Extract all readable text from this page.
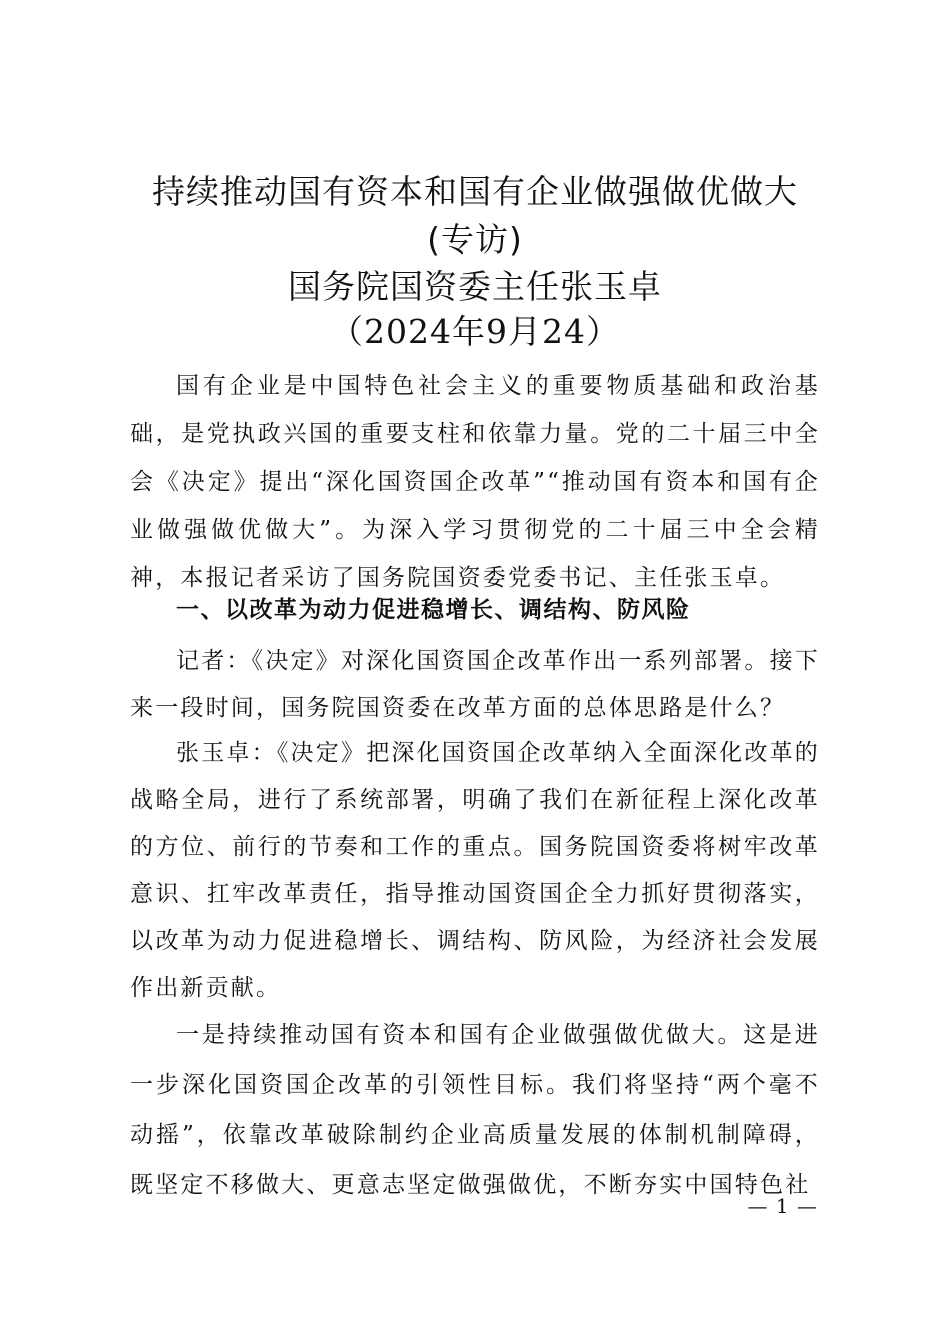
持续推动国有资本和国有企业做强做优做大
(专访)
国务院国资委主任张玉卓
（2024年9月24）

国有企业是中国特色社会主义的重要物质基础和政治基础，是党执政兴国的重要支柱和依靠力量。党的二十届三中全会《决定》提出“深化国资国企改革”“推动国有资本和国有企业做强做优做大”。为深入学习贯彻党的二十届三中全会精神，本报记者采访了国务院国资委党委书记、主任张玉卓。

一、以改革为动力促进稳增长、调结构、防风险

记者：《决定》对深化国资国企改革作出一系列部署。接下来一段时间，国务院国资委在改革方面的总体思路是什么？

张玉卓：《决定》把深化国资国企改革纳入全面深化改革的战略全局，进行了系统部署，明确了我们在新征程上深化改革的方位、前行的节奏和工作的重点。国务院国资委将树牢改革意识、扛牢改革责任，指导推动国资国企全力抓好贯彻落实，以改革为动力促进稳增长、调结构、防风险，为经济社会发展作出新贡献。

一是持续推动国有资本和国有企业做强做优做大。这是进一步深化国资国企改革的引领性目标。我们将坚持“两个毫不动摇”，依靠改革破除制约企业高质量发展的体制机制障碍，既坚定不移做大、更意志坚定做强做优，不断夯实中国特色社

— 1 —
